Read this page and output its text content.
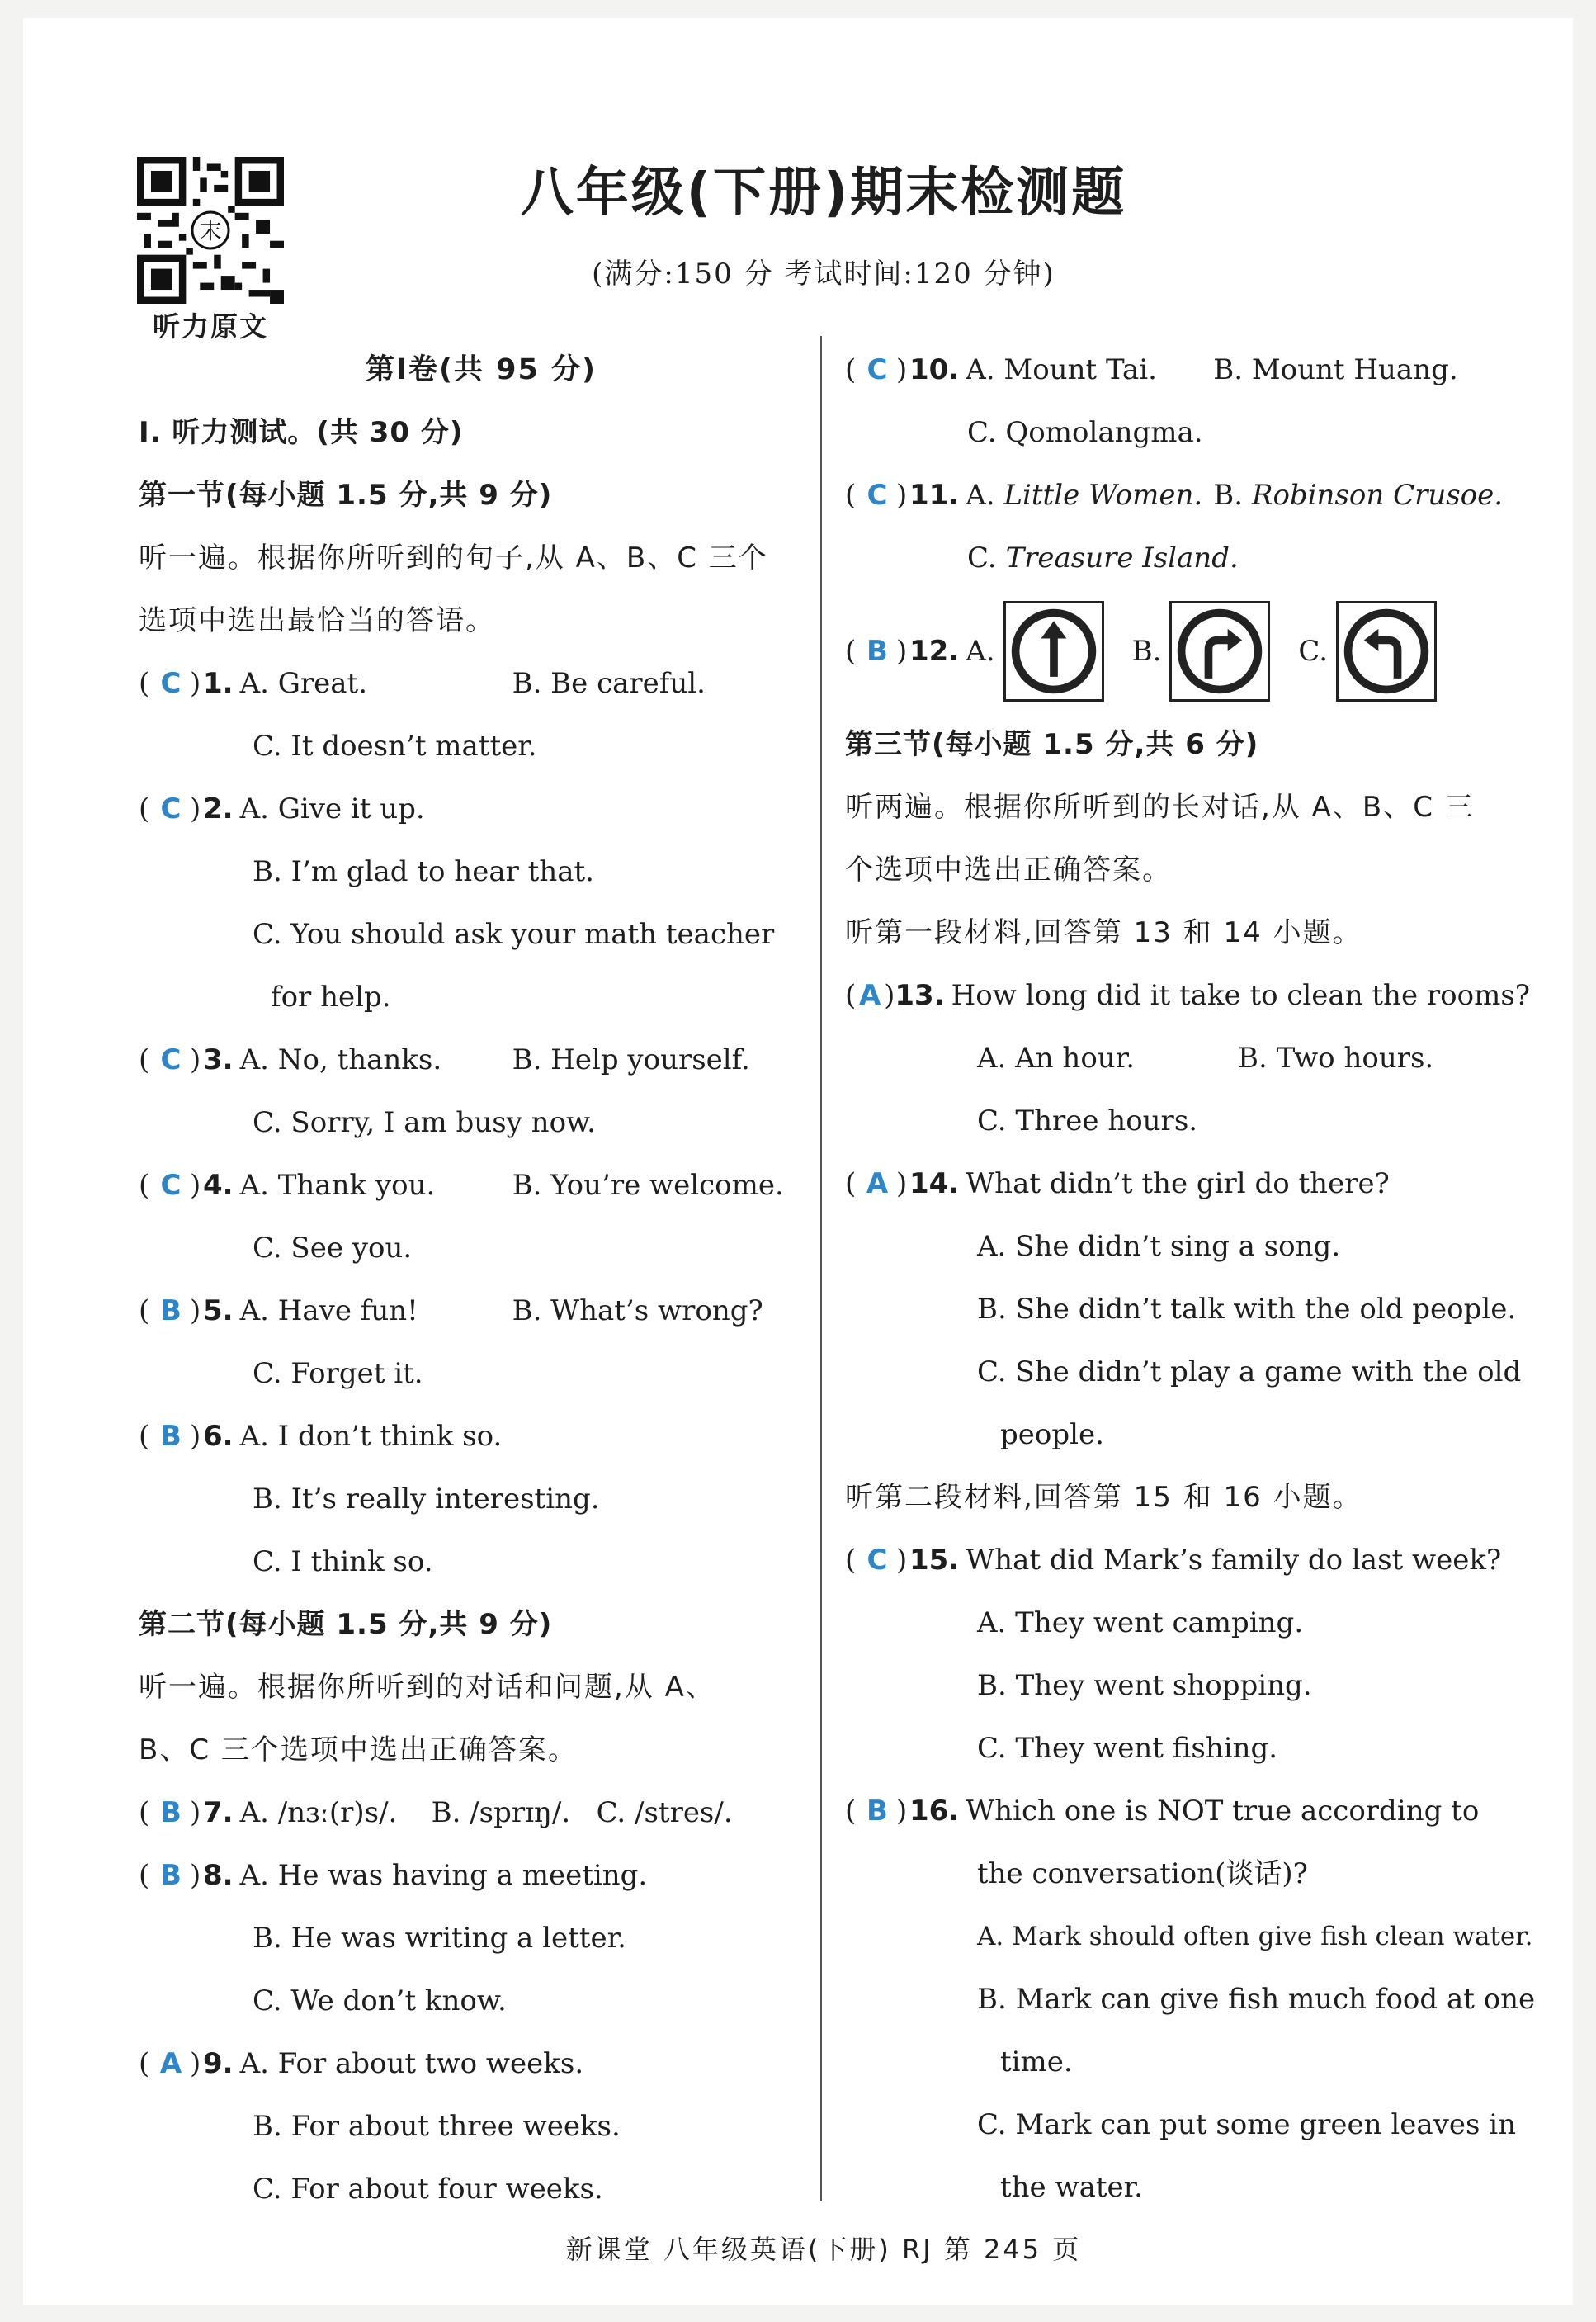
末
听力原文
八年级(下册)期末检测题
(满分:150 分 考试时间:120 分钟)
第Ⅰ卷(共 95 分)
Ⅰ. 听力测试。(共 30 分)
第一节(每小题 1.5 分,共 9 分)
听一遍。根据你所听到的句子,从 A、B、C 三个
选项中选出最恰当的答语。
( C ) 1. A. Great.	B. Be careful.
C. It doesn’t matter.
( C ) 2. A. Give it up.
B. I’m glad to hear that.
C. You should ask your math teacher
for help.
( C ) 3. A. No, thanks.	B. Help yourself.
C. Sorry, I am busy now.
( C ) 4. A. Thank you.	B. You’re welcome.
C. See you.
( B ) 5. A. Have fun!	B. What’s wrong?
C. Forget it.
( B ) 6. A. I don’t think so.
B. It’s really interesting.
C. I think so.
第二节(每小题 1.5 分,共 9 分)
听一遍。根据你所听到的对话和问题,从 A、
B、C 三个选项中选出正确答案。
( B ) 7. A. /nɜː(r)s/.	B. /sprɪŋ/. C. /stres/.
( B ) 8. A. He was having a meeting.
B. He was writing a letter.
C. We don’t know.
( A ) 9. A. For about two weeks.
B. For about three weeks.
C. For about four weeks.
( C ) 10. A. Mount Tai.	B. Mount Huang.
C. Qomolangma.
( C ) 11. A. Little Women. B. Robinson Crusoe.
C. Treasure Island.
( B ) 12. A.	B.	C.
第三节(每小题 1.5 分,共 6 分)
听两遍。根据你所听到的长对话,从 A、B、C 三
个选项中选出正确答案。
听第一段材料,回答第 13 和 14 小题。
( A ) 13. How long did it take to clean the rooms?
A. An hour.	B. Two hours.
C. Three hours.
( A ) 14. What didn’t the girl do there?
A. She didn’t sing a song.
B. She didn’t talk with the old people.
C. She didn’t play a game with the old
people.
听第二段材料,回答第 15 和 16 小题。
( C ) 15. What did Mark’s family do last week?
A. They went camping.
B. They went shopping.
C. They went fishing.
( B ) 16. Which one is NOT true according to
the conversation(谈话)?
A. Mark should often give fish clean water.
B. Mark can give fish much food at one
time.
C. Mark can put some green leaves in
the water.
新课堂 八年级英语(下册) RJ 第 245 页
